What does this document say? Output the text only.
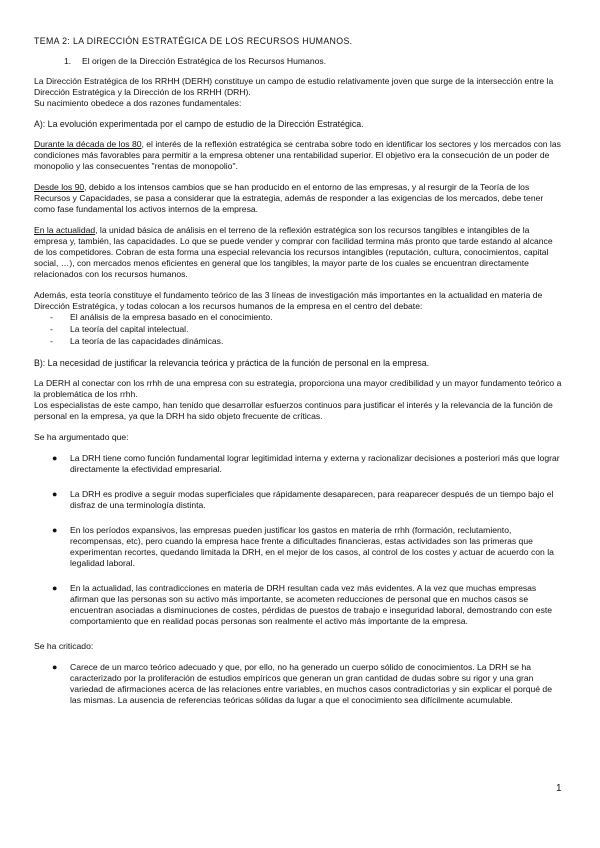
TEMA 2: LA DIRECCIÓN ESTRATÉGICA DE LOS RECURSOS HUMANOS.

1. El origen de la Dirección Estratégica de los Recursos Humanos.

La Dirección Estratégica de los RRHH (DERH) constituye un campo de estudio relativamente joven que surge de la intersección entre la Dirección Estratégica y la Dirección de los RRHH (DRH).

Su nacimiento obedece a dos razones fundamentales:

A): La evolución experimentada por el campo de estudio de la Dirección Estratégica.

Durante la década de los 80, el interés de la reflexión estratégica se centraba sobre todo en identificar los sectores y los mercados con las condiciones más favorables para permitir a la empresa obtener una rentabilidad superior. El objetivo era la consecución de un poder de monopolio y las consecuentes "rentas de monopolio".

Desde los 90, debido a los intensos cambios que se han producido en el entorno de las empresas, y al resurgir de la Teoría de los Recursos y Capacidades, se pasa a considerar que la estrategia, además de responder a las exigencias de los mercados, debe tener como fase fundamental los activos internos de la empresa.

En la actualidad, la unidad básica de análisis en el terreno de la reflexión estratégica son los recursos tangibles e intangibles de la empresa y, también, las capacidades. Lo que se puede vender y comprar con facilidad termina más pronto que tarde estando al alcance de los competidores. Cobran de esta forma una especial relevancia los recursos intangibles (reputación, cultura, conocimientos, capital social, …), con mercados menos eficientes en general que los tangibles, la mayor parte de los cuales se encuentran directamente relacionados con los recursos humanos.

Además, esta teoría constituye el fundamento teórico de las 3 líneas de investigación más importantes en la actualidad en materia de Dirección Estratégica, y todas colocan a los recursos humanos de la empresa en el centro del debate:

- El análisis de la empresa basado en el conocimiento.
- La teoría del capital intelectual.
- La teoría de las capacidades dinámicas.

B): La necesidad de justificar la relevancia teórica y práctica de la función de personal en la empresa.

La DERH al conectar con los rrhh de una empresa con su estrategia, proporciona una mayor credibilidad y un mayor fundamento teórico a la problemática de los rrhh.

Los especialistas de este campo, han tenido que desarrollar esfuerzos continuos para justificar el interés y la relevancia de la función de personal en la empresa, ya que la DRH ha sido objeto frecuente de críticas.

Se ha argumentado que:

● La DRH tiene como función fundamental lograr legitimidad interna y externa y racionalizar decisiones a posteriori más que lograr directamente la efectividad empresarial.
● La DRH es prodive a seguir modas superficiales que rápidamente desaparecen, para reaparecer después de un tiempo bajo el disfraz de una terminología distinta.
● En los períodos expansivos, las empresas pueden justificar los gastos en materia de rrhh (formación, reclutamiento, recompensas, etc), pero cuando la empresa hace frente a dificultades financieras, estas actividades son las primeras que experimentan recortes, quedando limitada la DRH, en el mejor de los casos, al control de los costes y actuar de acuerdo con la legalidad laboral.
● En la actualidad, las contradicciones en materia de DRH resultan cada vez más evidentes. A la vez que muchas empresas afirman que las personas son su activo más importante, se acometen reducciones de personal que en muchos casos se encuentran asociadas a disminuciones de costes, pérdidas de puestos de trabajo e inseguridad laboral, demostrando con este comportamiento que en realidad pocas personas son realmente el activo más importante de la empresa.

Se ha criticado:

● Carece de un marco teórico adecuado y que, por ello, no ha generado un cuerpo sólido de conocimientos. La DRH se ha caracterizado por la proliferación de estudios empíricos que generan un gran cantidad de dudas sobre su rigor y una gran variedad de afirmaciones acerca de las relaciones entre variables, en muchos casos contradictorias y sin explicar el porqué de las mismas. La ausencia de referencias teóricas sólidas da lugar a que el conocimiento sea difícilmente acumulable.
1
